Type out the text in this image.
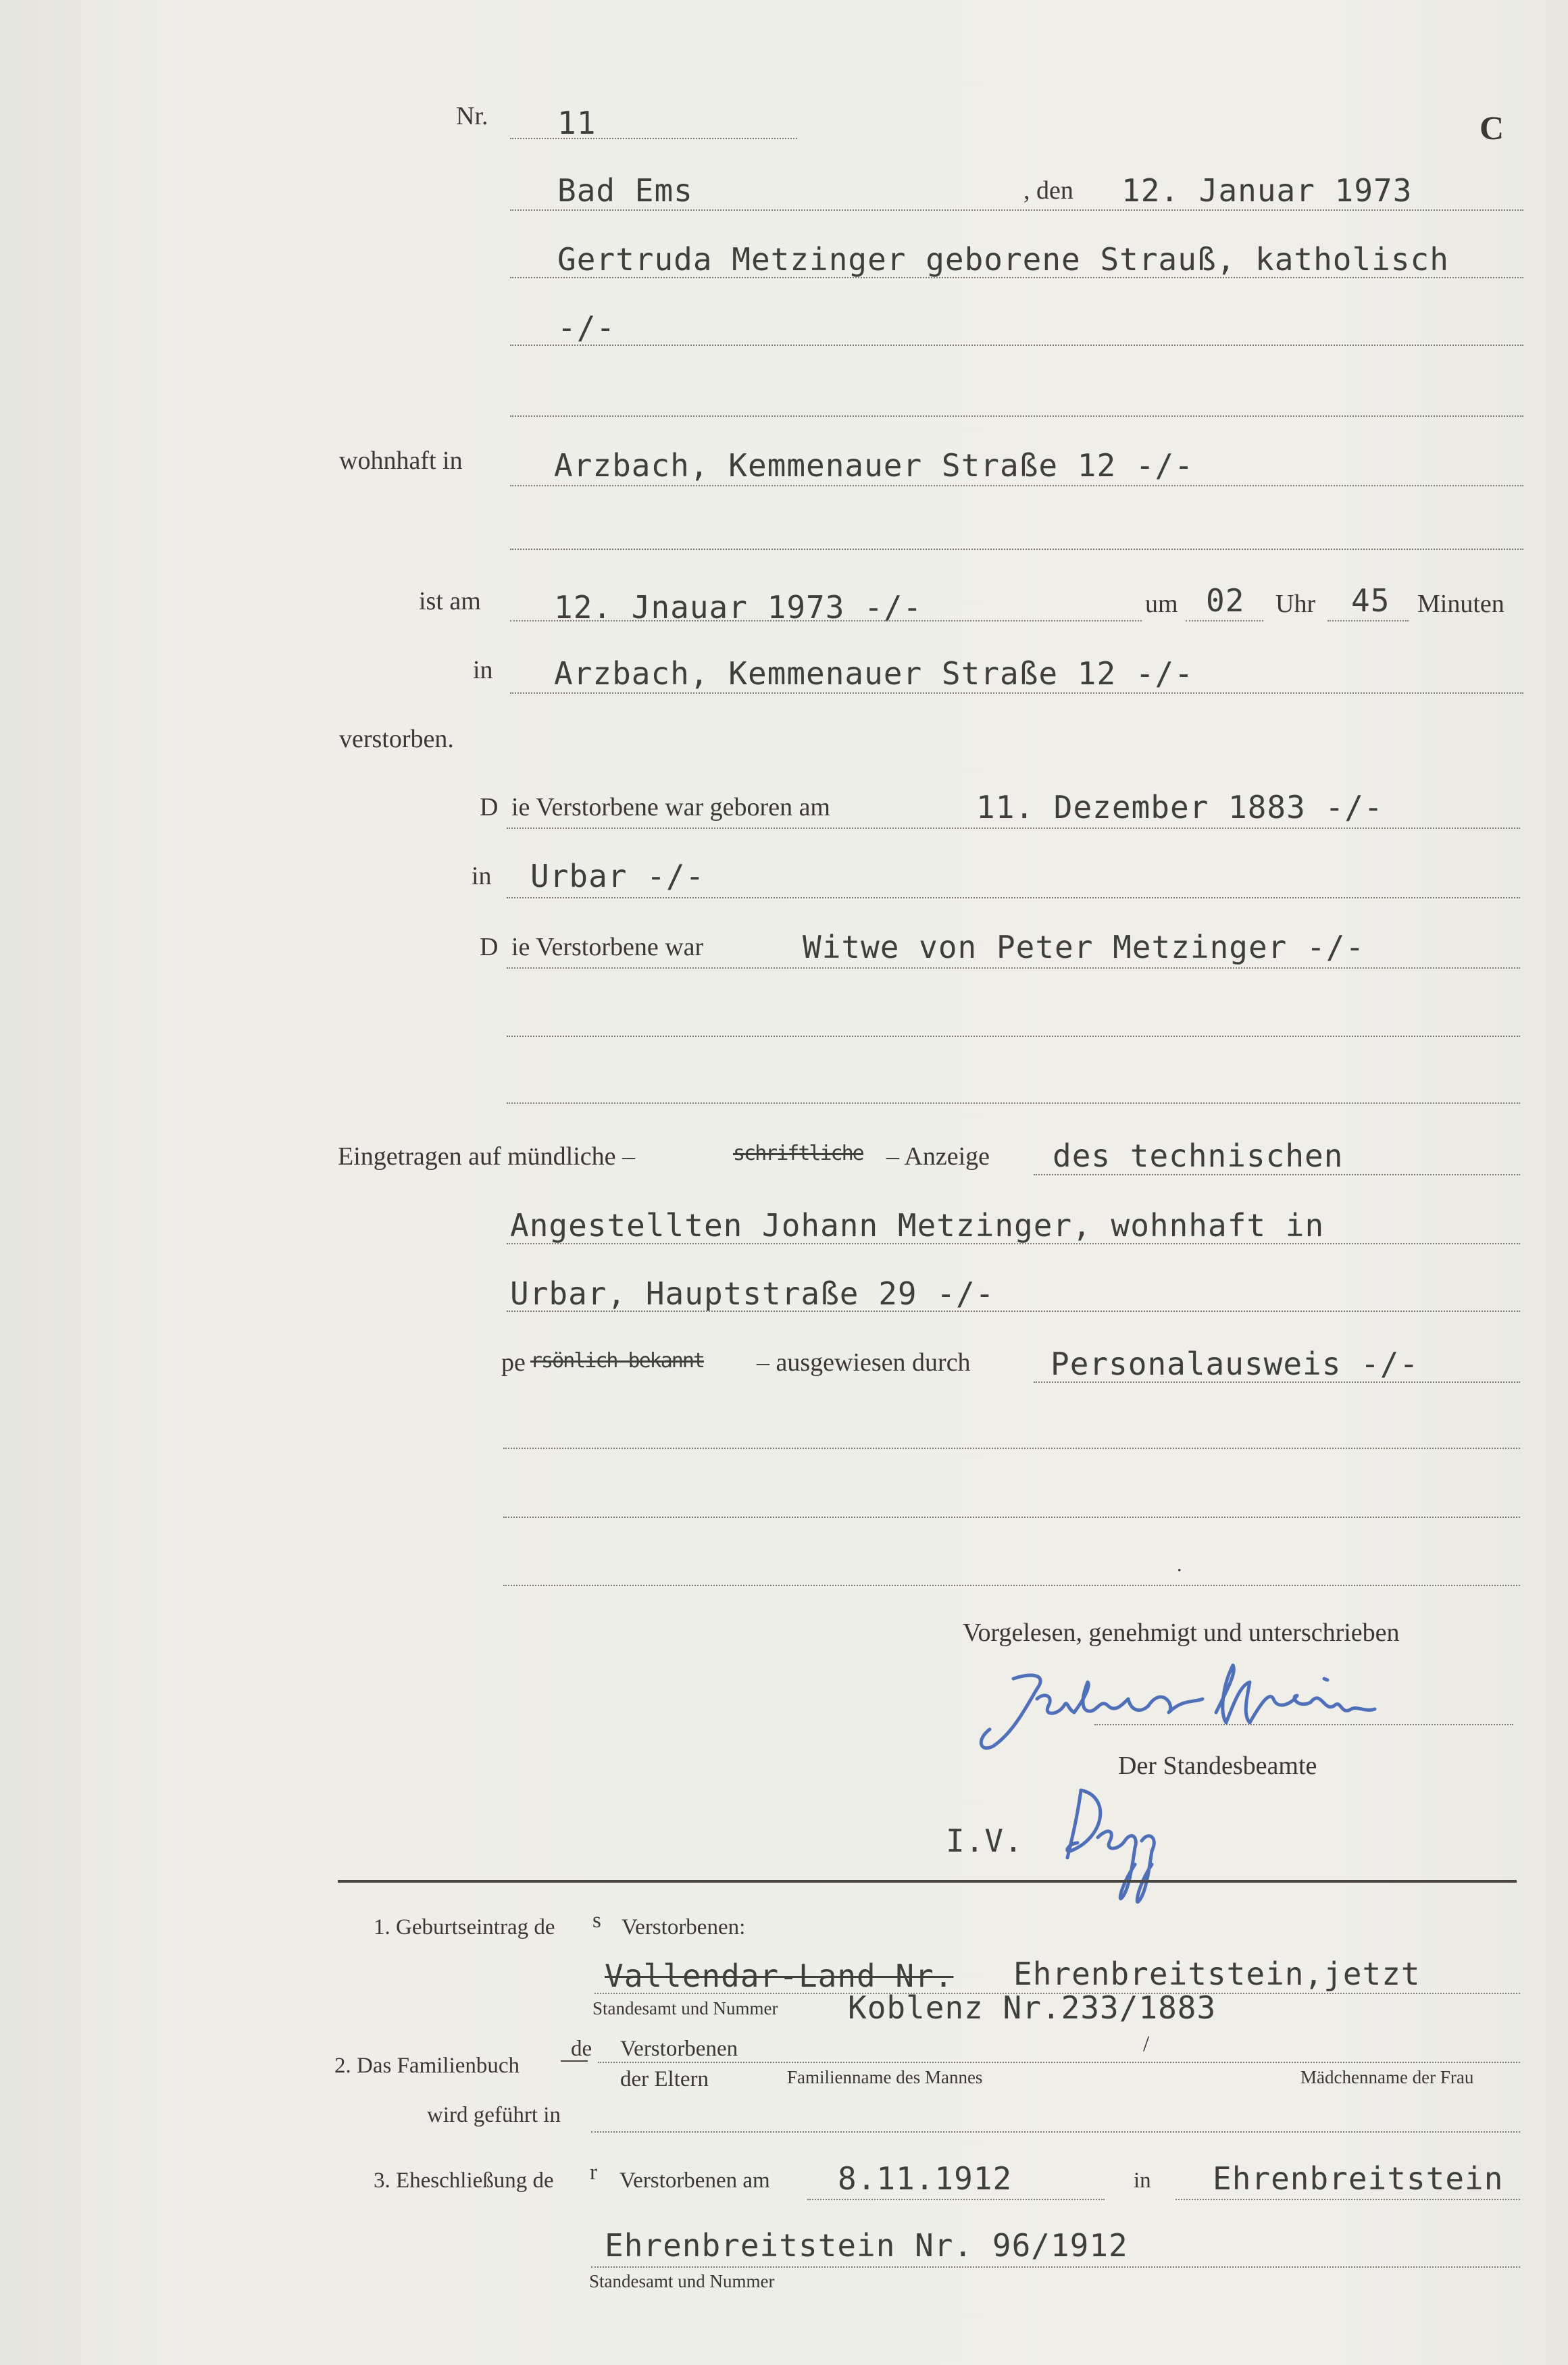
Nr. 11	C
Bad Ems	, den 12. Januar 1973
Gertruda Metzinger geborene Strauß, katholisch
-/-
wohnhaft in	Arzbach, Kemmenauer Straße 12 -/-
ist am 12. Jnauar 1973 -/-	um 02 Uhr 45 Minuten
in Arzbach, Kemmenauer Straße 12 -/-
verstorben.
D ie Verstorbene war geboren am	11. Dezember 1883 -/-
in Urbar -/-
D ie Verstorbene war	Witwe von Peter Metzinger -/-
Eingetragen auf mündliche –	schriftliche – Anzeige des technischen
Angestellten Johann Metzinger, wohnhaft in
Urbar, Hauptstraße 29 -/-
pe rsönlich bekannt – ausgewiesen durch	Personalausweis -/-
.
Vorgelesen, genehmigt und unterschrieben
Der Standesbeamte
I.V.
1. Geburtseintrag de s Verstorbenen:
Vallendar-Land Nr. Ehrenbreitstein,jetzt
Standesamt und Nummer Koblenz Nr.233/1883
de Verstorbenen	/
2. Das Familienbuch
der Eltern	Familienname des Mannes	Mädchenname der Frau
wird geführt in
3. Eheschließung de r Verstorbenen am 8.11.1912	in Ehrenbreitstein
Ehrenbreitstein Nr. 96/1912
Standesamt und Nummer
